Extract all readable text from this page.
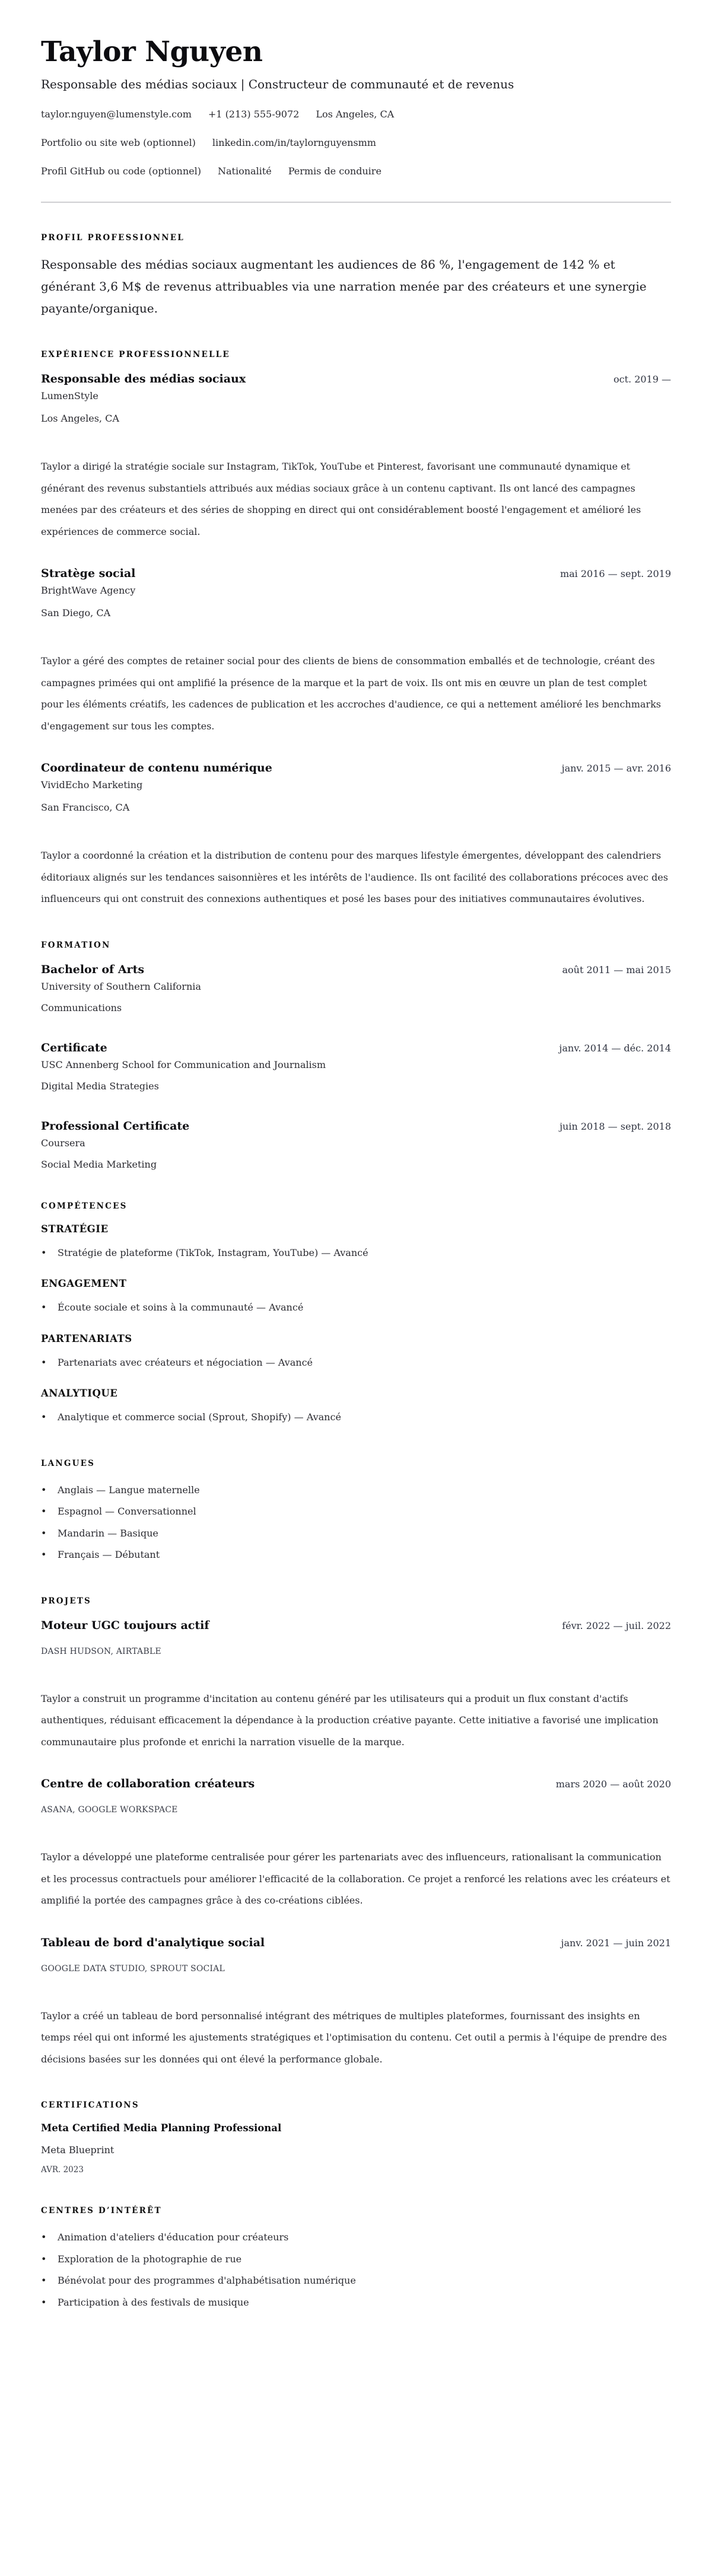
Taylor Nguyen
Responsable des médias sociaux | Constructeur de communauté et de revenus
taylor.nguyen@lumenstyle.com +1 (213) 555-9072 Los Angeles, CA
Portfolio ou site web (optionnel) linkedin.com/in/taylornguyensmm
Profil GitHub ou code (optionnel) Nationalité Permis de conduire
PROFIL PROFESSIONNEL

Responsable des médias sociaux augmentant les audiences de 86 %, l'engagement de 142 % et générant 3,6 M$ de revenus attribuables via une narration menée par des créateurs et une synergie payante/organique.

EXPÉRIENCE PROFESSIONNELLE
Responsable des médias sociaux	oct. 2019 —
LumenStyle
Los Angeles, CA

Taylor a dirigé la stratégie sociale sur Instagram, TikTok, YouTube et Pinterest, favorisant une communauté dynamique et générant des revenus substantiels attribués aux médias sociaux grâce à un contenu captivant. Ils ont lancé des campagnes menées par des créateurs et des séries de shopping en direct qui ont considérablement boosté l'engagement et amélioré les expériences de commerce social.

Stratège social	mai 2016 — sept. 2019
BrightWave Agency
San Diego, CA

Taylor a géré des comptes de retainer social pour des clients de biens de consommation emballés et de technologie, créant des campagnes primées qui ont amplifié la présence de la marque et la part de voix. Ils ont mis en œuvre un plan de test complet pour les éléments créatifs, les cadences de publication et les accroches d'audience, ce qui a nettement amélioré les benchmarks d'engagement sur tous les comptes.

Coordinateur de contenu numérique	janv. 2015 — avr. 2016
VividEcho Marketing
San Francisco, CA

Taylor a coordonné la création et la distribution de contenu pour des marques lifestyle émergentes, développant des calendriers éditoriaux alignés sur les tendances saisonnières et les intérêts de l'audience. Ils ont facilité des collaborations précoces avec des influenceurs qui ont construit des connexions authentiques et posé les bases pour des initiatives communautaires évolutives.

FORMATION
Bachelor of Arts	août 2011 — mai 2015
University of Southern California
Communications
Certificate	janv. 2014 — déc. 2014
USC Annenberg School for Communication and Journalism
Digital Media Strategies
Professional Certificate	juin 2018 — sept. 2018
Coursera
Social Media Marketing
COMPÉTENCES
STRATÉGIE
• Stratégie de plateforme (TikTok, Instagram, YouTube) — Avancé
ENGAGEMENT
• Écoute sociale et soins à la communauté — Avancé
PARTENARIATS
• Partenariats avec créateurs et négociation — Avancé
ANALYTIQUE
• Analytique et commerce social (Sprout, Shopify) — Avancé
LANGUES
• Anglais — Langue maternelle
• Espagnol — Conversationnel
• Mandarin — Basique
• Français — Débutant
PROJETS
Moteur UGC toujours actif	févr. 2022 — juil. 2022
DASH HUDSON, AIRTABLE

Taylor a construit un programme d'incitation au contenu généré par les utilisateurs qui a produit un flux constant d'actifs authentiques, réduisant efficacement la dépendance à la production créative payante. Cette initiative a favorisé une implication communautaire plus profonde et enrichi la narration visuelle de la marque.

Centre de collaboration créateurs	mars 2020 — août 2020
ASANA, GOOGLE WORKSPACE

Taylor a développé une plateforme centralisée pour gérer les partenariats avec des influenceurs, rationalisant la communication et les processus contractuels pour améliorer l'efficacité de la collaboration. Ce projet a renforcé les relations avec les créateurs et amplifié la portée des campagnes grâce à des co-créations ciblées.

Tableau de bord d'analytique social	janv. 2021 — juin 2021
GOOGLE DATA STUDIO, SPROUT SOCIAL

Taylor a créé un tableau de bord personnalisé intégrant des métriques de multiples plateformes, fournissant des insights en temps réel qui ont informé les ajustements stratégiques et l'optimisation du contenu. Cet outil a permis à l'équipe de prendre des décisions basées sur les données qui ont élevé la performance globale.

CERTIFICATIONS
Meta Certified Media Planning Professional
Meta Blueprint
AVR. 2023
CENTRES D’INTÉRÊT
• Animation d'ateliers d'éducation pour créateurs
• Exploration de la photographie de rue
• Bénévolat pour des programmes d'alphabétisation numérique
• Participation à des festivals de musique
